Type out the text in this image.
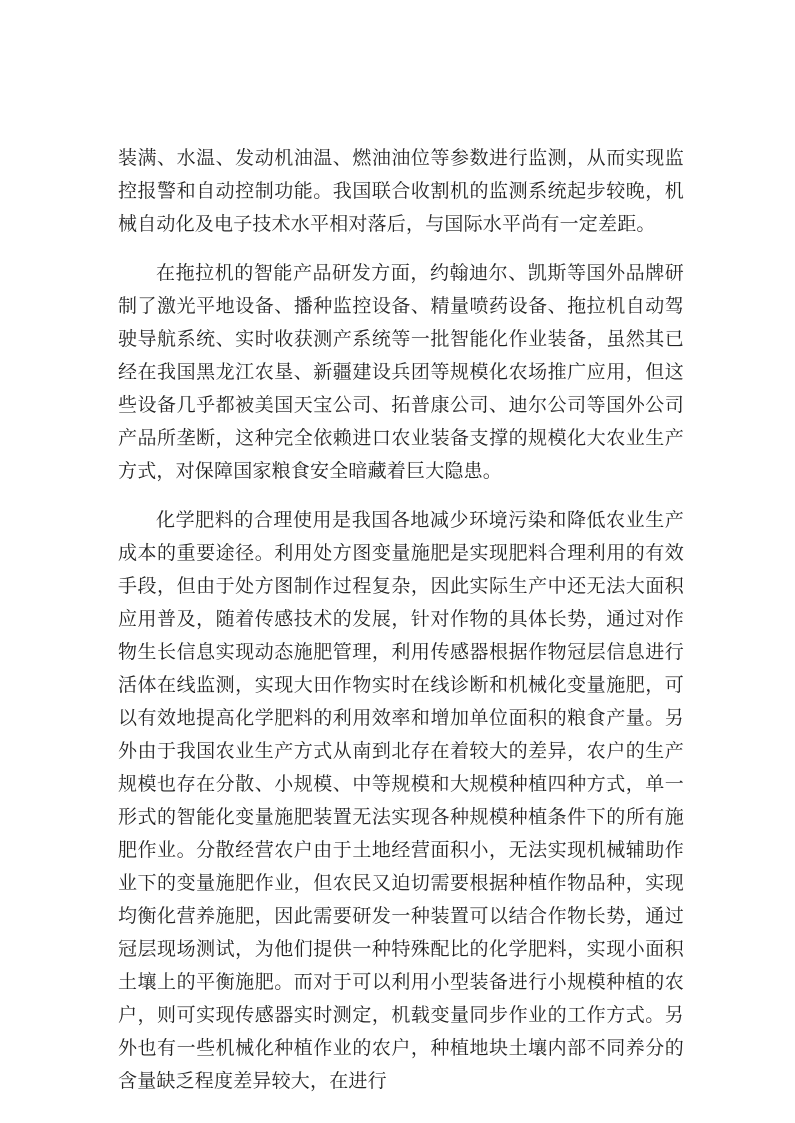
装满、水温、发动机油温、燃油油位等参数进行监测，从而实现监控报警和自动控制功能。我国联合收割机的监测系统起步较晚，机械自动化及电子技术水平相对落后，与国际水平尚有一定差距。

在拖拉机的智能产品研发方面，约翰迪尔、凯斯等国外品牌研制了激光平地设备、播种监控设备、精量喷药设备、拖拉机自动驾驶导航系统、实时收获测产系统等一批智能化作业装备，虽然其已经在我国黑龙江农垦、新疆建设兵团等规模化农场推广应用，但这些设备几乎都被美国天宝公司、拓普康公司、迪尔公司等国外公司产品所垄断，这种完全依赖进口农业装备支撑的规模化大农业生产方式，对保障国家粮食安全暗藏着巨大隐患。

化学肥料的合理使用是我国各地减少环境污染和降低农业生产成本的重要途径。利用处方图变量施肥是实现肥料合理利用的有效手段，但由于处方图制作过程复杂，因此实际生产中还无法大面积应用普及，随着传感技术的发展，针对作物的具体长势，通过对作物生长信息实现动态施肥管理，利用传感器根据作物冠层信息进行活体在线监测，实现大田作物实时在线诊断和机械化变量施肥，可以有效地提高化学肥料的利用效率和增加单位面积的粮食产量。另外由于我国农业生产方式从南到北存在着较大的差异，农户的生产规模也存在分散、小规模、中等规模和大规模种植四种方式，单一形式的智能化变量施肥装置无法实现各种规模种植条件下的所有施肥作业。分散经营农户由于土地经营面积小，无法实现机械辅助作业下的变量施肥作业，但农民又迫切需要根据种植作物品种，实现均衡化营养施肥，因此需要研发一种装置可以结合作物长势，通过冠层现场测试，为他们提供一种特殊配比的化学肥料，实现小面积土壤上的平衡施肥。而对于可以利用小型装备进行小规模种植的农户，则可实现传感器实时测定，机载变量同步作业的工作方式。另外也有一些机械化种植作业的农户，种植地块土壤内部不同养分的含量缺乏程度差异较大，在进行
